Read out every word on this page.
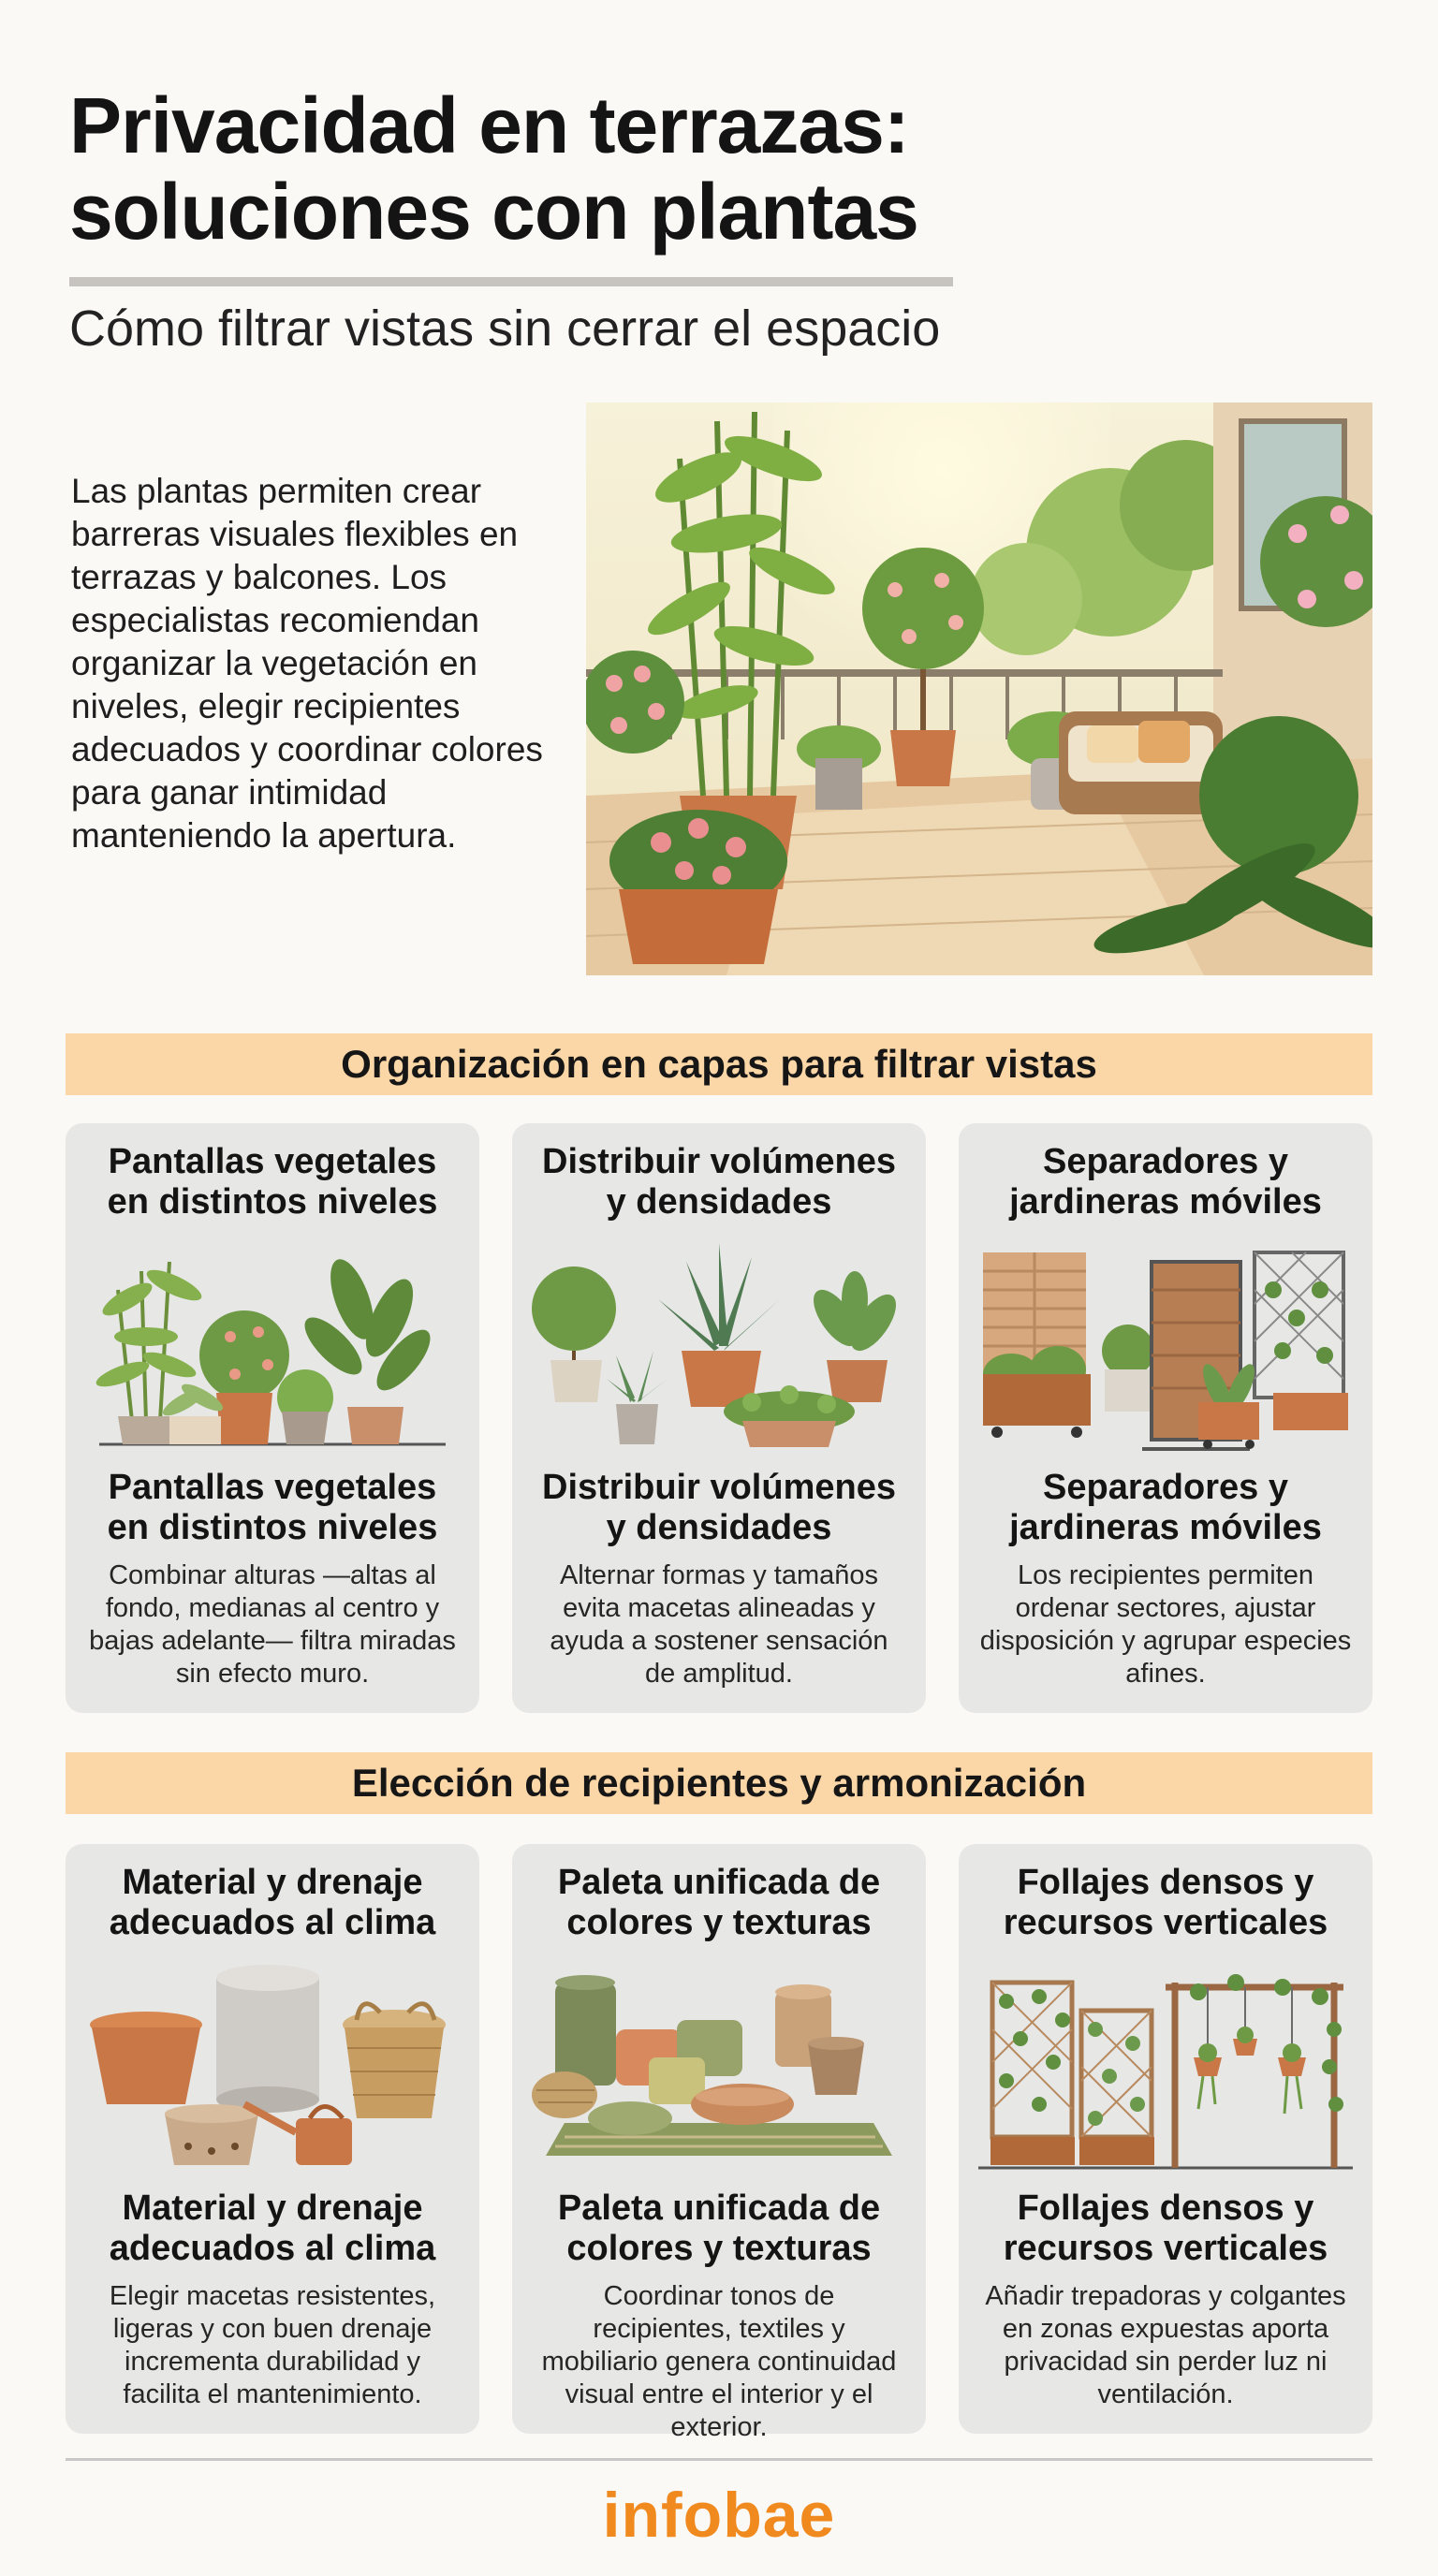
Privacidad en terrazas:
soluciones con plantas
Cómo filtrar vistas sin cerrar el espacio

Las plantas permiten crear barreras visuales flexibles en terrazas y balcones. Los especialistas recomiendan organizar la vegetación en niveles, elegir recipientes adecuados y coordinar colores para ganar intimidad manteniendo la apertura.

Organización en capas para filtrar vistas
Pantallas vegetales en distintos niveles
Pantallas vegetales en distintos niveles
Combinar alturas —altas al fondo, medianas al centro y bajas adelante— filtra miradas sin efecto muro.
Distribuir volúmenes y densidades
Distribuir volúmenes y densidades
Alternar formas y tamaños evita macetas alineadas y ayuda a sostener sensación de amplitud.
Separadores y jardineras móviles
Separadores y jardineras móviles
Los recipientes permiten ordenar sectores, ajustar disposición y agrupar especies afines.
Elección de recipientes y armonización
Material y drenaje adecuados al clima
Material y drenaje adecuados al clima
Elegir macetas resistentes, ligeras y con buen drenaje incrementa durabilidad y facilita el mantenimiento.
Paleta unificada de colores y texturas
Paleta unificada de colores y texturas
Coordinar tonos de recipientes, textiles y mobiliario genera continuidad visual entre el interior y el exterior.
Follajes densos y recursos verticales
Follajes densos y recursos verticales
Añadir trepadoras y colgantes en zonas expuestas aporta privacidad sin perder luz ni ventilación.
infobae
